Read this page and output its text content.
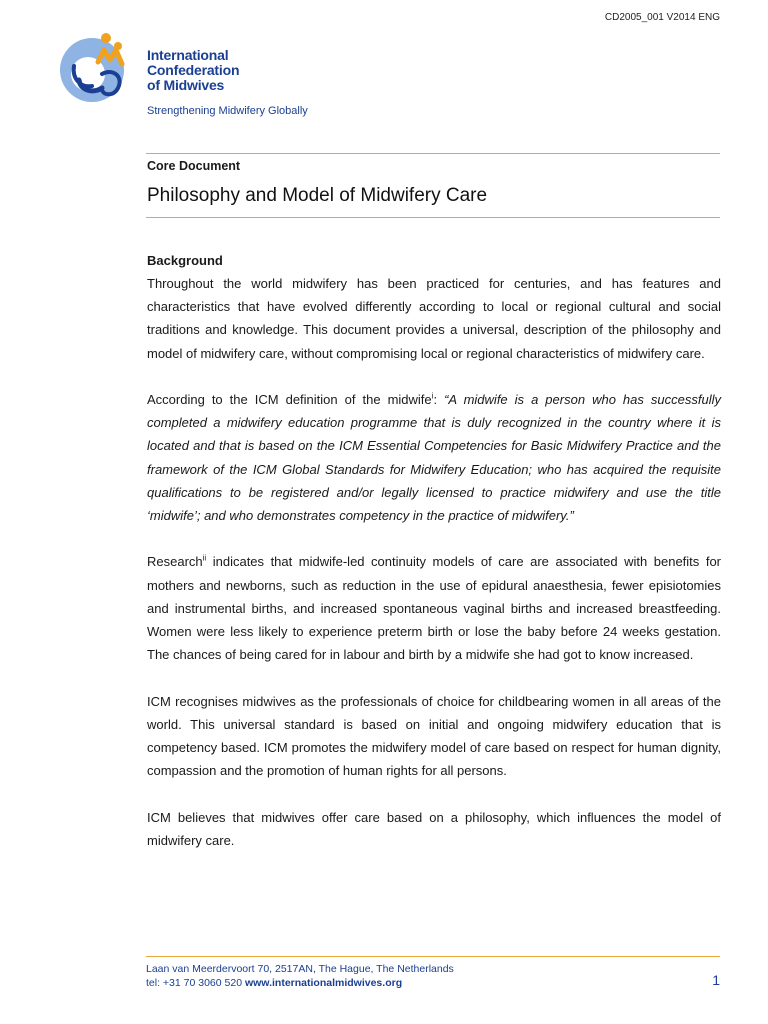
CD2005_001 V2014 ENG
International
Confederation
of Midwives
Strengthening Midwifery Globally
Core Document
Philosophy and Model of Midwifery Care
Background

Throughout the world midwifery has been practiced for centuries, and has features and characteristics that have evolved differently according to local or regional cultural and social traditions and knowledge. This document provides a universal, description of the philosophy and model of midwifery care, without compromising local or regional characteristics of midwifery care.

According to the ICM definition of the midwife$^i$: “A midwife is a person who has successfully completed a midwifery education programme that is duly recognized in the country where it is located and that is based on the ICM Essential Competencies for Basic Midwifery Practice and the framework of the ICM Global Standards for Midwifery Education; who has acquired the requisite qualifications to be registered and/or legally licensed to practice midwifery and use the title ‘midwife’; and who demonstrates competency in the practice of midwifery.”

Research$^{ii}$ indicates that midwife-led continuity models of care are associated with benefits for mothers and newborns, such as reduction in the use of epidural anaesthesia, fewer episiotomies and instrumental births, and increased spontaneous vaginal births and increased breastfeeding. Women were less likely to experience preterm birth or lose the baby before 24 weeks gestation. The chances of being cared for in labour and birth by a midwife she had got to know increased.

ICM recognises midwives as the professionals of choice for childbearing women in all areas of the world. This universal standard is based on initial and ongoing midwifery education that is competency based. ICM promotes the midwifery model of care based on respect for human dignity, compassion and the promotion of human rights for all persons.

ICM believes that midwives offer care based on a philosophy, which influences the model of midwifery care.

Laan van Meerdervoort 70, 2517AN, The Hague, The Netherlands
tel: +31 70 3060 520 www.internationalmidwives.org	1
